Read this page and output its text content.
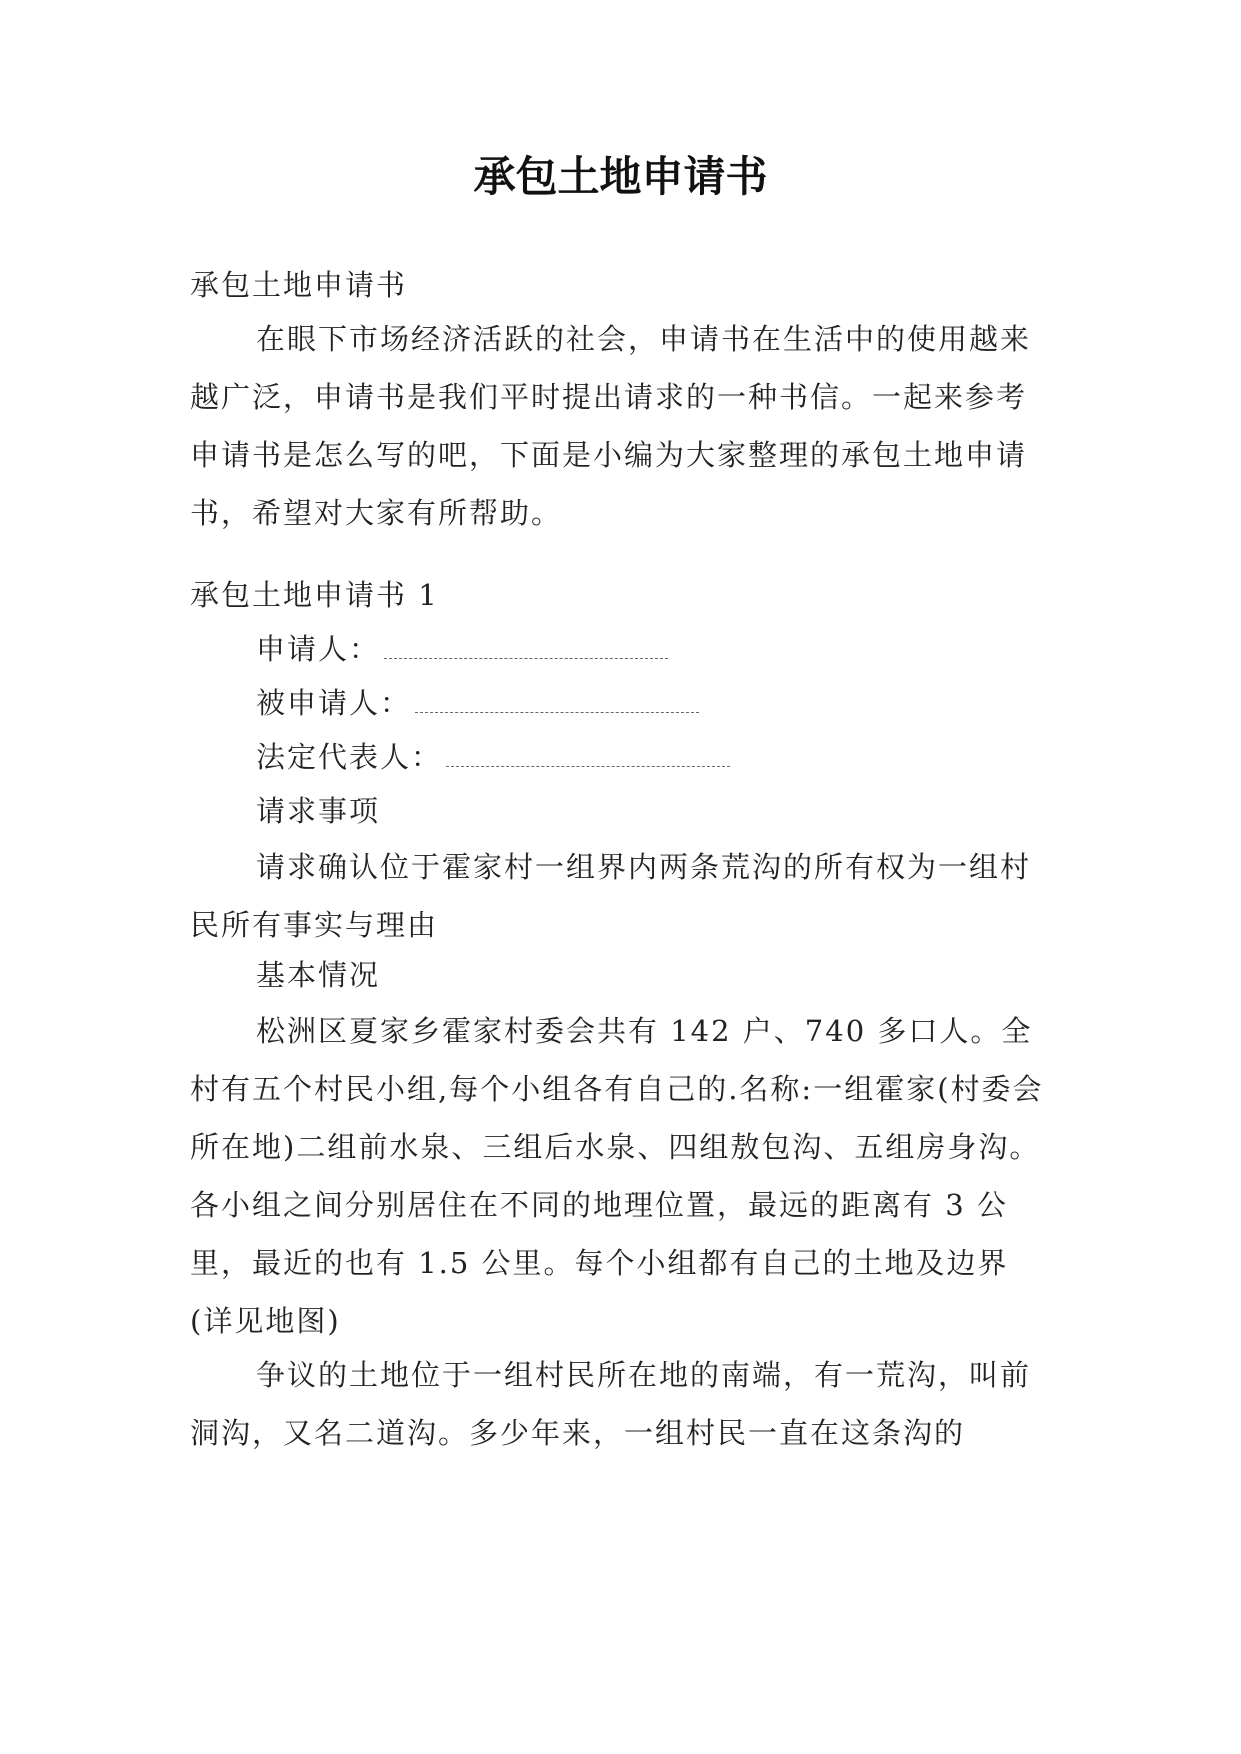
承包土地申请书

承包土地申请书

在眼下市场经济活跃的社会，申请书在生活中的使用越来越广泛，申请书是我们平时提出请求的一种书信。一起来参考申请书是怎么写的吧，下面是小编为大家整理的承包土地申请书，希望对大家有所帮助。

承包土地申请书 1

申请人：

被申请人：

法定代表人：

请求事项

请求确认位于霍家村一组界内两条荒沟的所有权为一组村民所有事实与理由

基本情况

松洲区夏家乡霍家村委会共有 142 户、740 多口人。全村有五个村民小组,每个小组各有自己的.名称:一组霍家(村委会所在地)二组前水泉、三组后水泉、四组敖包沟、五组房身沟。各小组之间分别居住在不同的地理位置，最远的距离有 3 公里，最近的也有 1.5 公里。每个小组都有自己的土地及边界(详见地图)

争议的土地位于一组村民所在地的南端，有一荒沟，叫前洞沟，又名二道沟。多少年来，一组村民一直在这条沟的
